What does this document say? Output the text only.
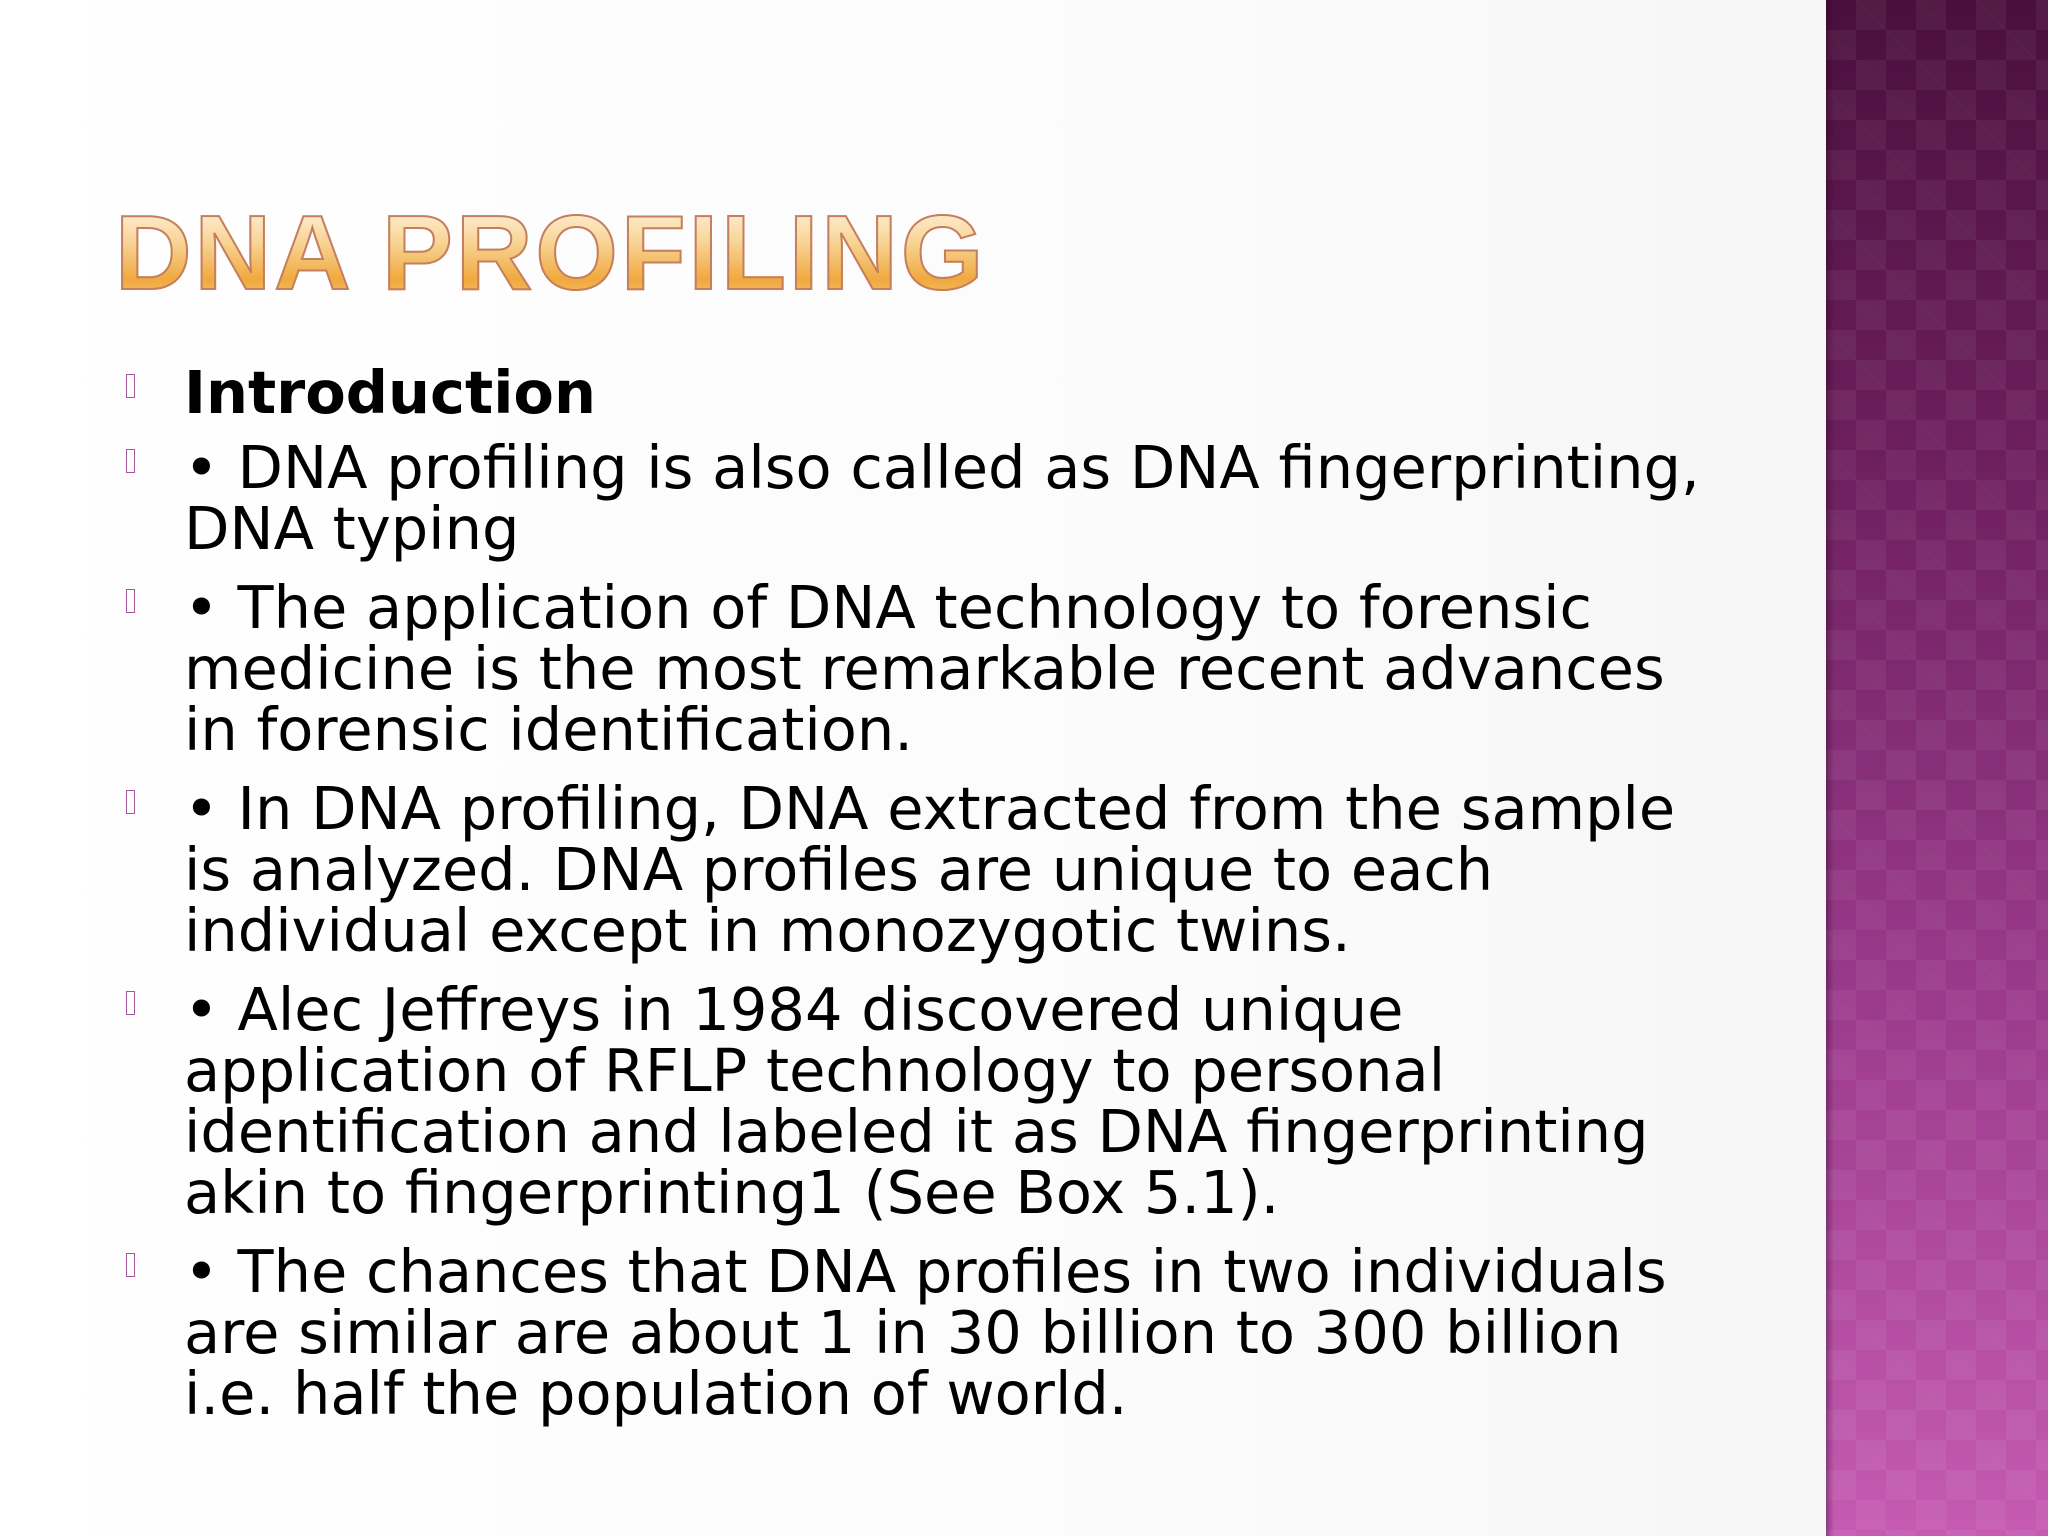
DNA PROFILING
Introduction
• DNA profiling is also called as DNA fingerprinting, DNA typing
• The application of DNA technology to forensic medicine is the most remarkable recent advances in forensic identification.
• In DNA profiling, DNA extracted from the sample is analyzed. DNA profiles are unique to each individual except in monozygotic twins.
• Alec Jeffreys in 1984 discovered unique application of RFLP technology to personal identification and labeled it as DNA fingerprinting akin to fingerprinting1 (See Box 5.1).
• The chances that DNA profiles in two individuals are similar are about 1 in 30 billion to 300 billion i.e. half the population of world.
